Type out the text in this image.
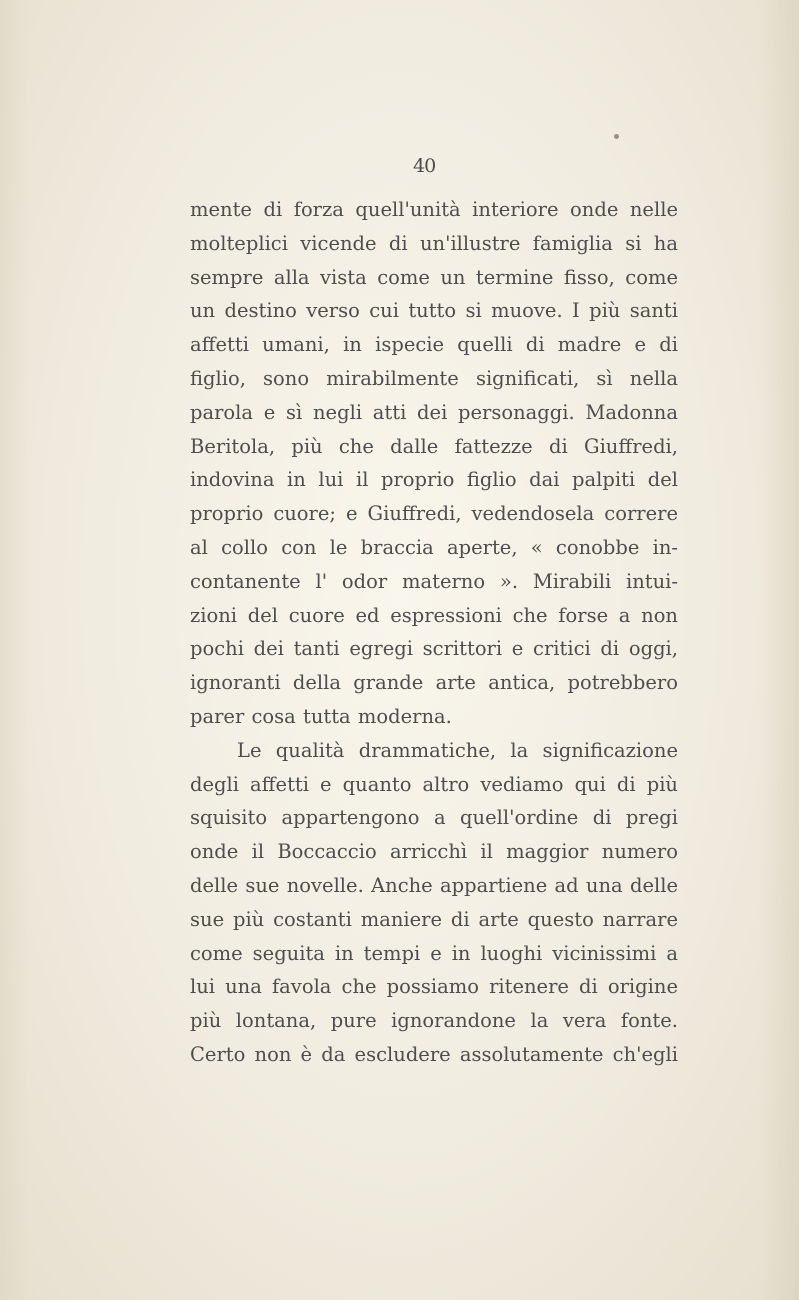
40
mente di forza quell'unità interiore onde nelle
molteplici vicende di un'illustre famiglia si ha
sempre alla vista come un termine fisso, come
un destino verso cui tutto si muove. I più santi
affetti umani, in ispecie quelli di madre e di
figlio, sono mirabilmente significati, sì nella
parola e sì negli atti dei personaggi. Madonna
Beritola, più che dalle fattezze di Giuffredi,
indovina in lui il proprio figlio dai palpiti del
proprio cuore; e Giuffredi, vedendosela correre
al collo con le braccia aperte, « conobbe in-
contanente l' odor materno ». Mirabili intui-
zioni del cuore ed espressioni che forse a non
pochi dei tanti egregi scrittori e critici di oggi,
ignoranti della grande arte antica, potrebbero
parer cosa tutta moderna.
Le qualità drammatiche, la significazione
degli affetti e quanto altro vediamo qui di più
squisito appartengono a quell'ordine di pregi
onde il Boccaccio arricchì il maggior numero
delle sue novelle. Anche appartiene ad una delle
sue più costanti maniere di arte questo narrare
come seguita in tempi e in luoghi vicinissimi a
lui una favola che possiamo ritenere di origine
più lontana, pure ignorandone la vera fonte.
Certo non è da escludere assolutamente ch'egli
